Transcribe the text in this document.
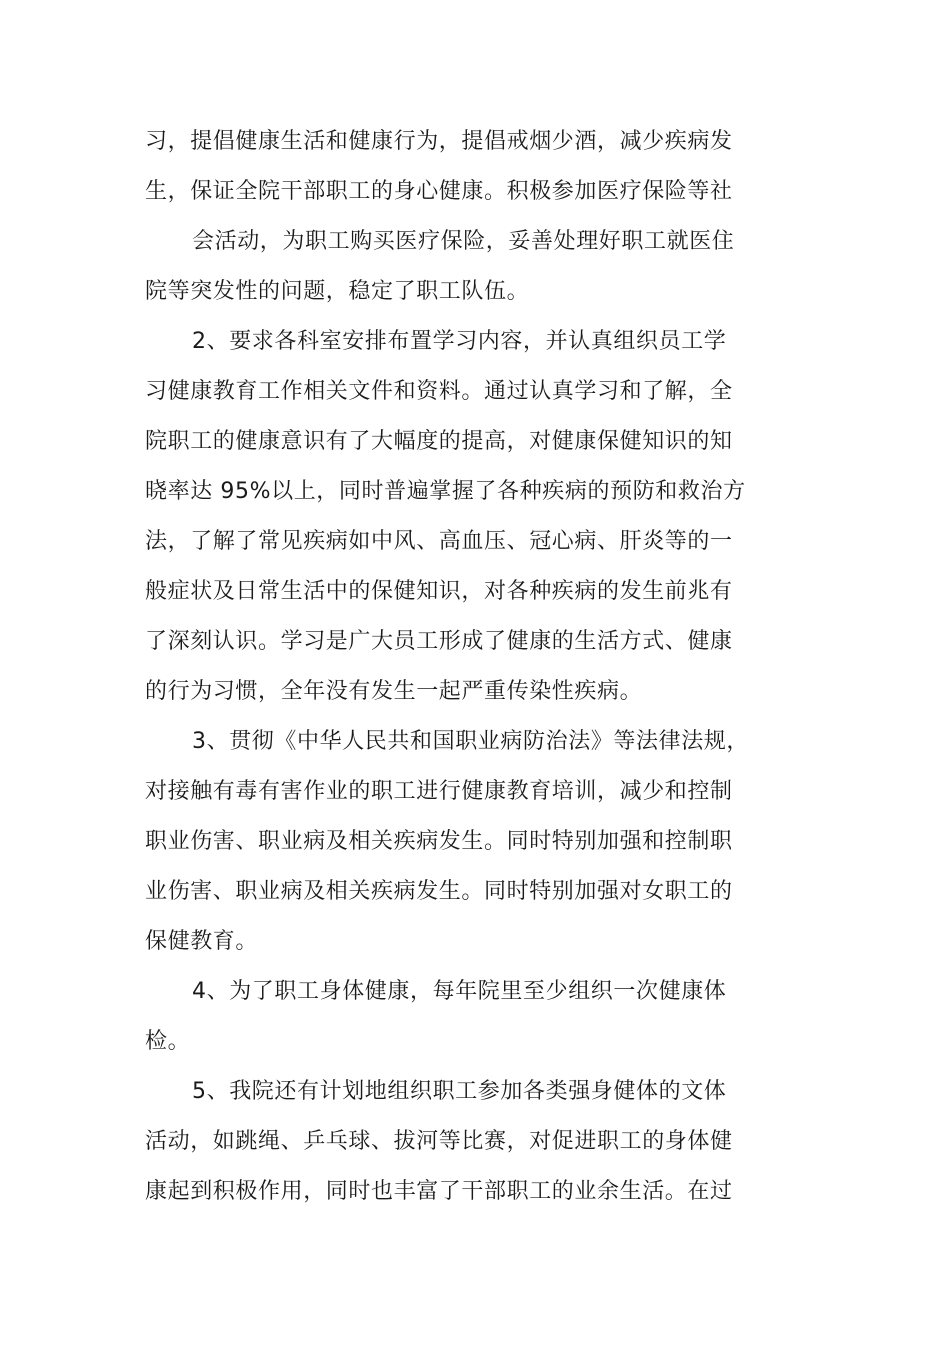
习，提倡健康生活和健康行为，提倡戒烟少酒，减少疾病发
生，保证全院干部职工的身心健康。积极参加医疗保险等社
会活动，为职工购买医疗保险，妥善处理好职工就医住
院等突发性的问题，稳定了职工队伍。
2、要求各科室安排布置学习内容，并认真组织员工学
习健康教育工作相关文件和资料。通过认真学习和了解，全
院职工的健康意识有了大幅度的提高，对健康保健知识的知
晓率达 95%以上，同时普遍掌握了各种疾病的预防和救治方
法，了解了常见疾病如中风、高血压、冠心病、肝炎等的一
般症状及日常生活中的保健知识，对各种疾病的发生前兆有
了深刻认识。学习是广大员工形成了健康的生活方式、健康
的行为习惯，全年没有发生一起严重传染性疾病。
3、贯彻《中华人民共和国职业病防治法》等法律法规，
对接触有毒有害作业的职工进行健康教育培训，减少和控制
职业伤害、职业病及相关疾病发生。同时特别加强和控制职
业伤害、职业病及相关疾病发生。同时特别加强对女职工的
保健教育。
4、为了职工身体健康，每年院里至少组织一次健康体
检。
5、我院还有计划地组织职工参加各类强身健体的文体
活动，如跳绳、乒乓球、拔河等比赛，对促进职工的身体健
康起到积极作用，同时也丰富了干部职工的业余生活。在过
